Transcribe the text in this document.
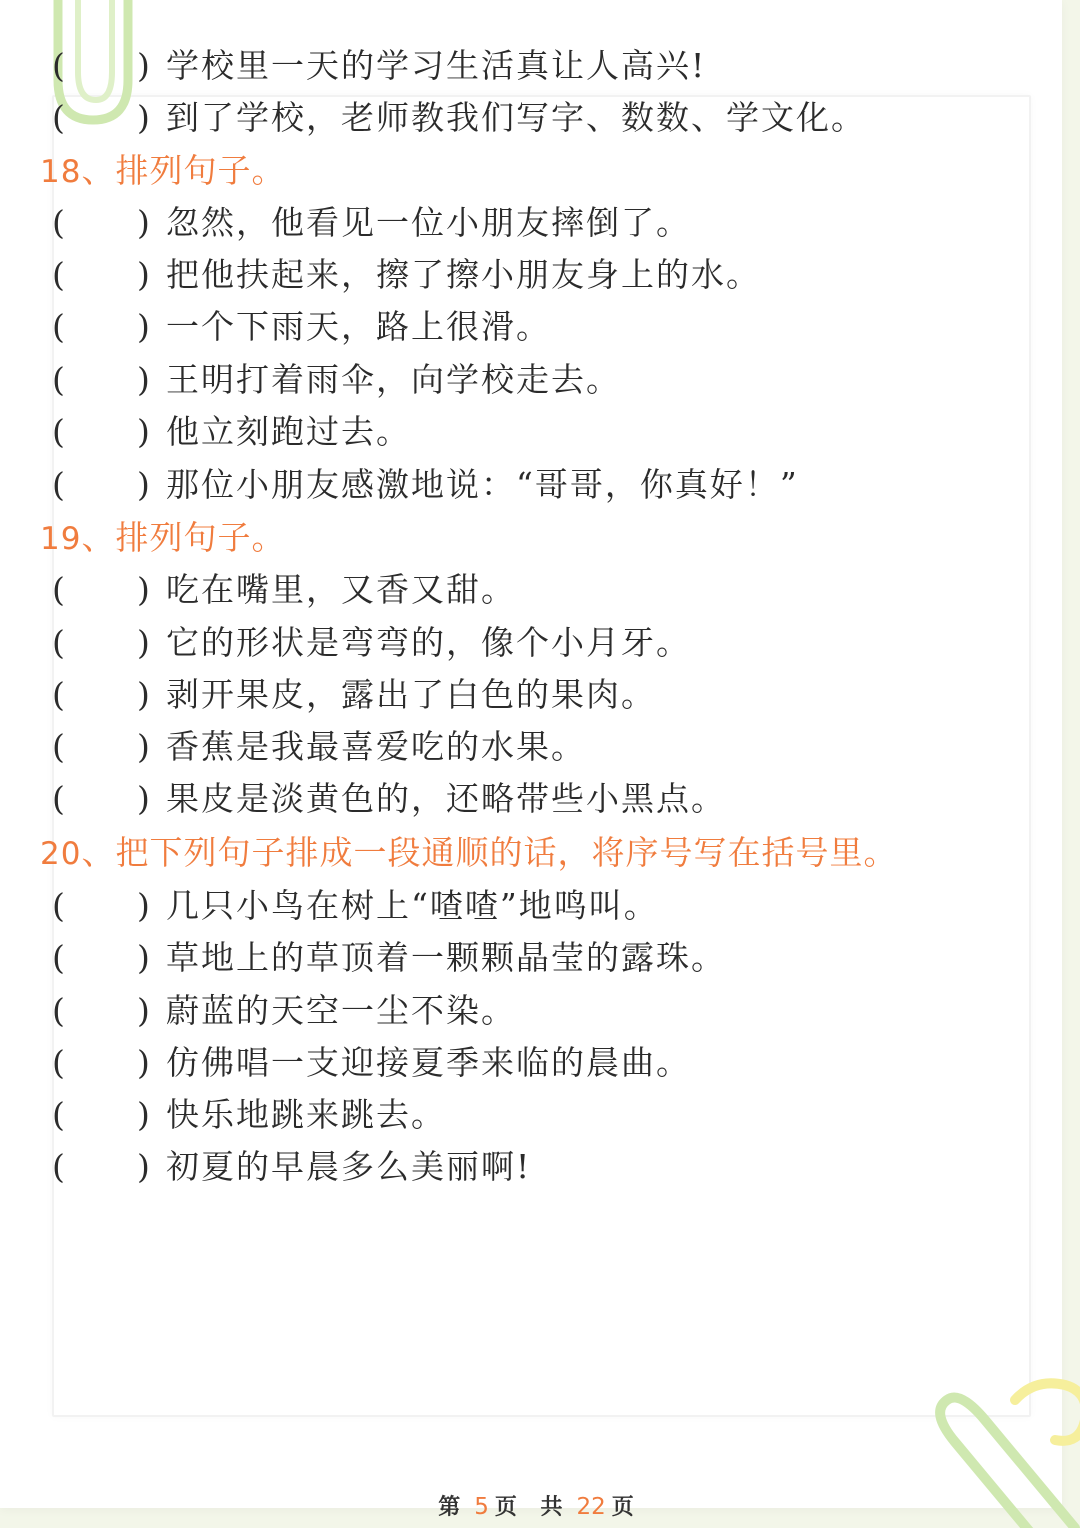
( ) 学校里一天的学习生活真让人高兴!
( ) 到了学校，老师教我们写字、数数、学文化。
18、排列句子。
( ) 忽然，他看见一位小朋友摔倒了。
( ) 把他扶起来，擦了擦小朋友身上的水。
( ) 一个下雨天，路上很滑。
( ) 王明打着雨伞，向学校走去。
( ) 他立刻跑过去。
( ) 那位小朋友感激地说：“哥哥，你真好！”
19、排列句子。
( ) 吃在嘴里，又香又甜。
( ) 它的形状是弯弯的，像个小月牙。
( ) 剥开果皮，露出了白色的果肉。
( ) 香蕉是我最喜爱吃的水果。
( ) 果皮是淡黄色的，还略带些小黑点。
20、把下列句子排成一段通顺的话，将序号写在括号里。
( ) 几只小鸟在树上“喳喳”地鸣叫。
( ) 草地上的草顶着一颗颗晶莹的露珠。
( ) 蔚蓝的天空一尘不染。
( ) 仿佛唱一支迎接夏季来临的晨曲。
( ) 快乐地跳来跳去。
( ) 初夏的早晨多么美丽啊!
第 5 页 共 22 页
